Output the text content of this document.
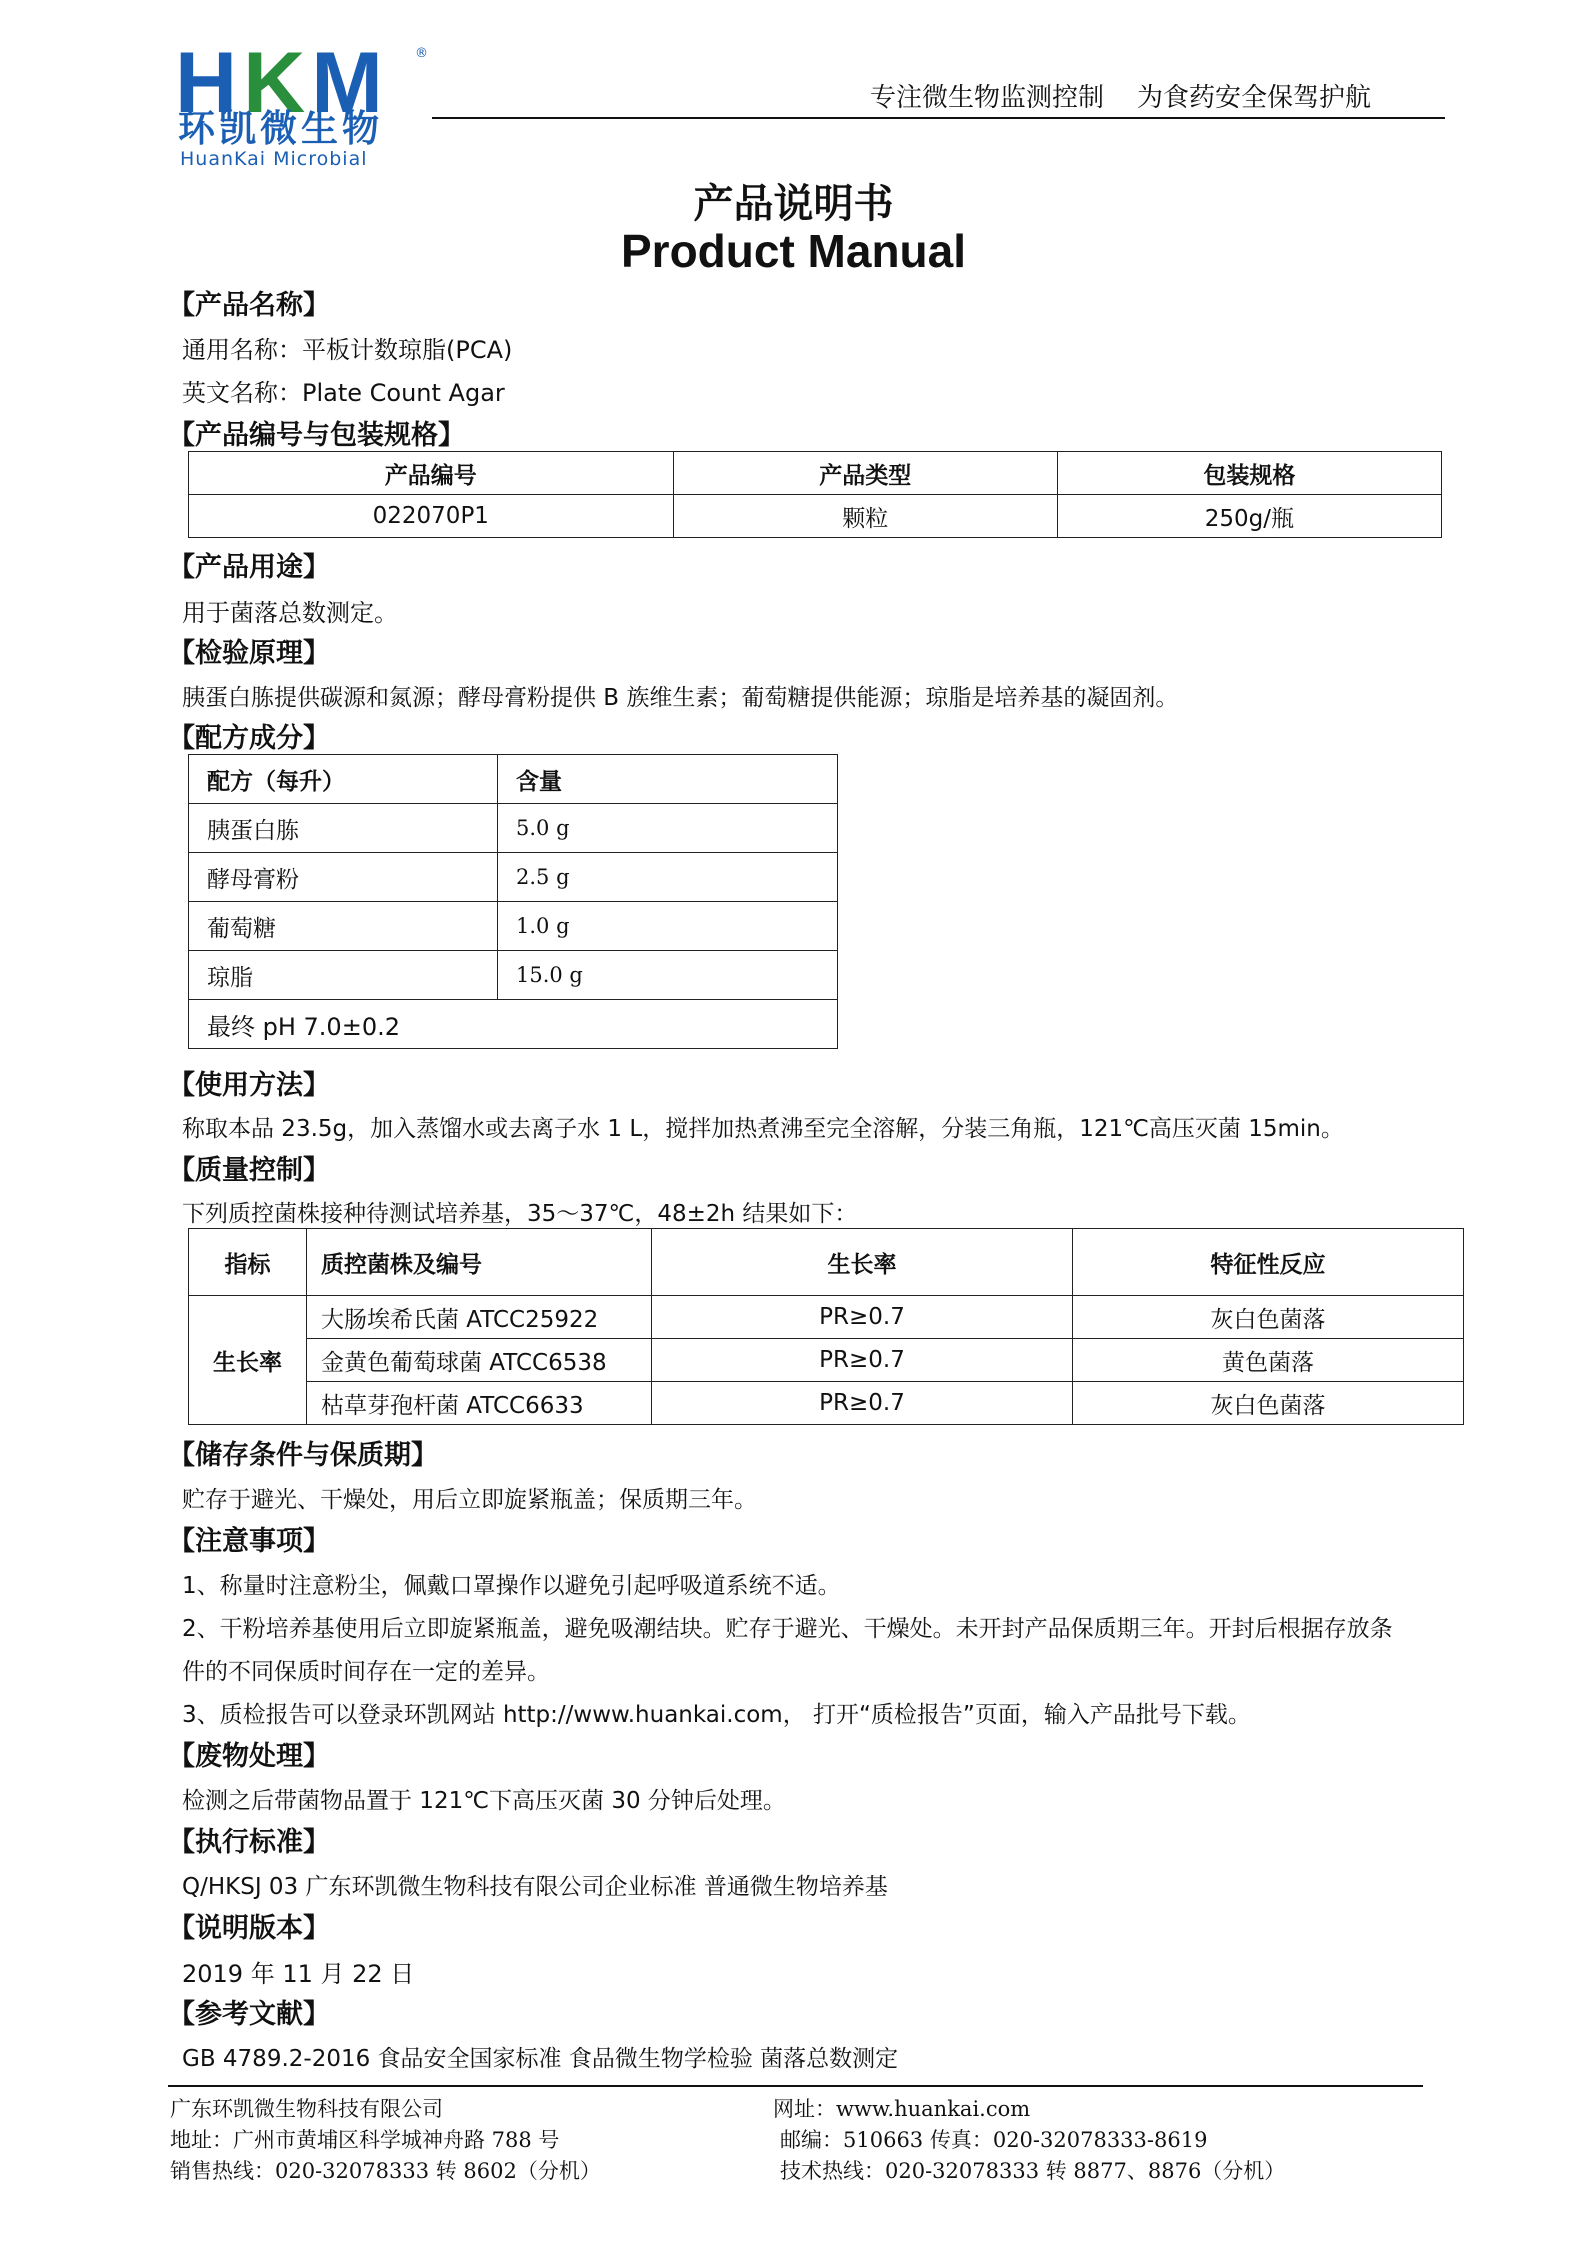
HKM ®
环凯微生物
HuanKai Microbial
专注微生物监测控制    为食药安全保驾护航
产品说明书
Product Manual
【产品名称】
通用名称：平板计数琼脂(PCA)
英文名称：Plate Count Agar
【产品编号与包装规格】
产品编号	产品类型	包装规格
022070P1	颗粒	250g/瓶
【产品用途】
用于菌落总数测定。
【检验原理】
胰蛋白胨提供碳源和氮源；酵母膏粉提供 B 族维生素；葡萄糖提供能源；琼脂是培养基的凝固剂。
【配方成分】
配方（每升）	含量
胰蛋白胨	5.0 g
酵母膏粉	2.5 g
葡萄糖	1.0 g
琼脂	15.0 g
最终 pH 7.0±0.2	
【使用方法】
称取本品 23.5g，加入蒸馏水或去离子水 1 L，搅拌加热煮沸至完全溶解，分装三角瓶，121℃高压灭菌 15min。
【质量控制】
下列质控菌株接种待测试培养基，35～37℃，48±2h 结果如下：
指标	质控菌株及编号	生长率	特征性反应
生长率	大肠埃希氏菌 ATCC25922	PR≥0.7	灰白色菌落
	金黄色葡萄球菌 ATCC6538	PR≥0.7	黄色菌落
	枯草芽孢杆菌 ATCC6633	PR≥0.7	灰白色菌落
【储存条件与保质期】
贮存于避光、干燥处，用后立即旋紧瓶盖；保质期三年。
【注意事项】
1、称量时注意粉尘，佩戴口罩操作以避免引起呼吸道系统不适。
2、干粉培养基使用后立即旋紧瓶盖，避免吸潮结块。贮存于避光、干燥处。未开封产品保质期三年。开封后根据存放条
件的不同保质时间存在一定的差异。
3、质检报告可以登录环凯网站 http://www.huankai.com， 打开“质检报告”页面，输入产品批号下载。
【废物处理】
检测之后带菌物品置于 121℃下高压灭菌 30 分钟后处理。
【执行标准】
Q/HKSJ 03 广东环凯微生物科技有限公司企业标准 普通微生物培养基
【说明版本】
2019 年 11 月 22 日
【参考文献】
GB 4789.2-2016 食品安全国家标准 食品微生物学检验 菌落总数测定
广东环凯微生物科技有限公司	网址：www.huankai.com
地址：广州市黄埔区科学城神舟路 788 号	邮编：510663 传真：020-32078333-8619
销售热线：020-32078333 转 8602（分机）	技术热线：020-32078333 转 8877、8876（分机）
